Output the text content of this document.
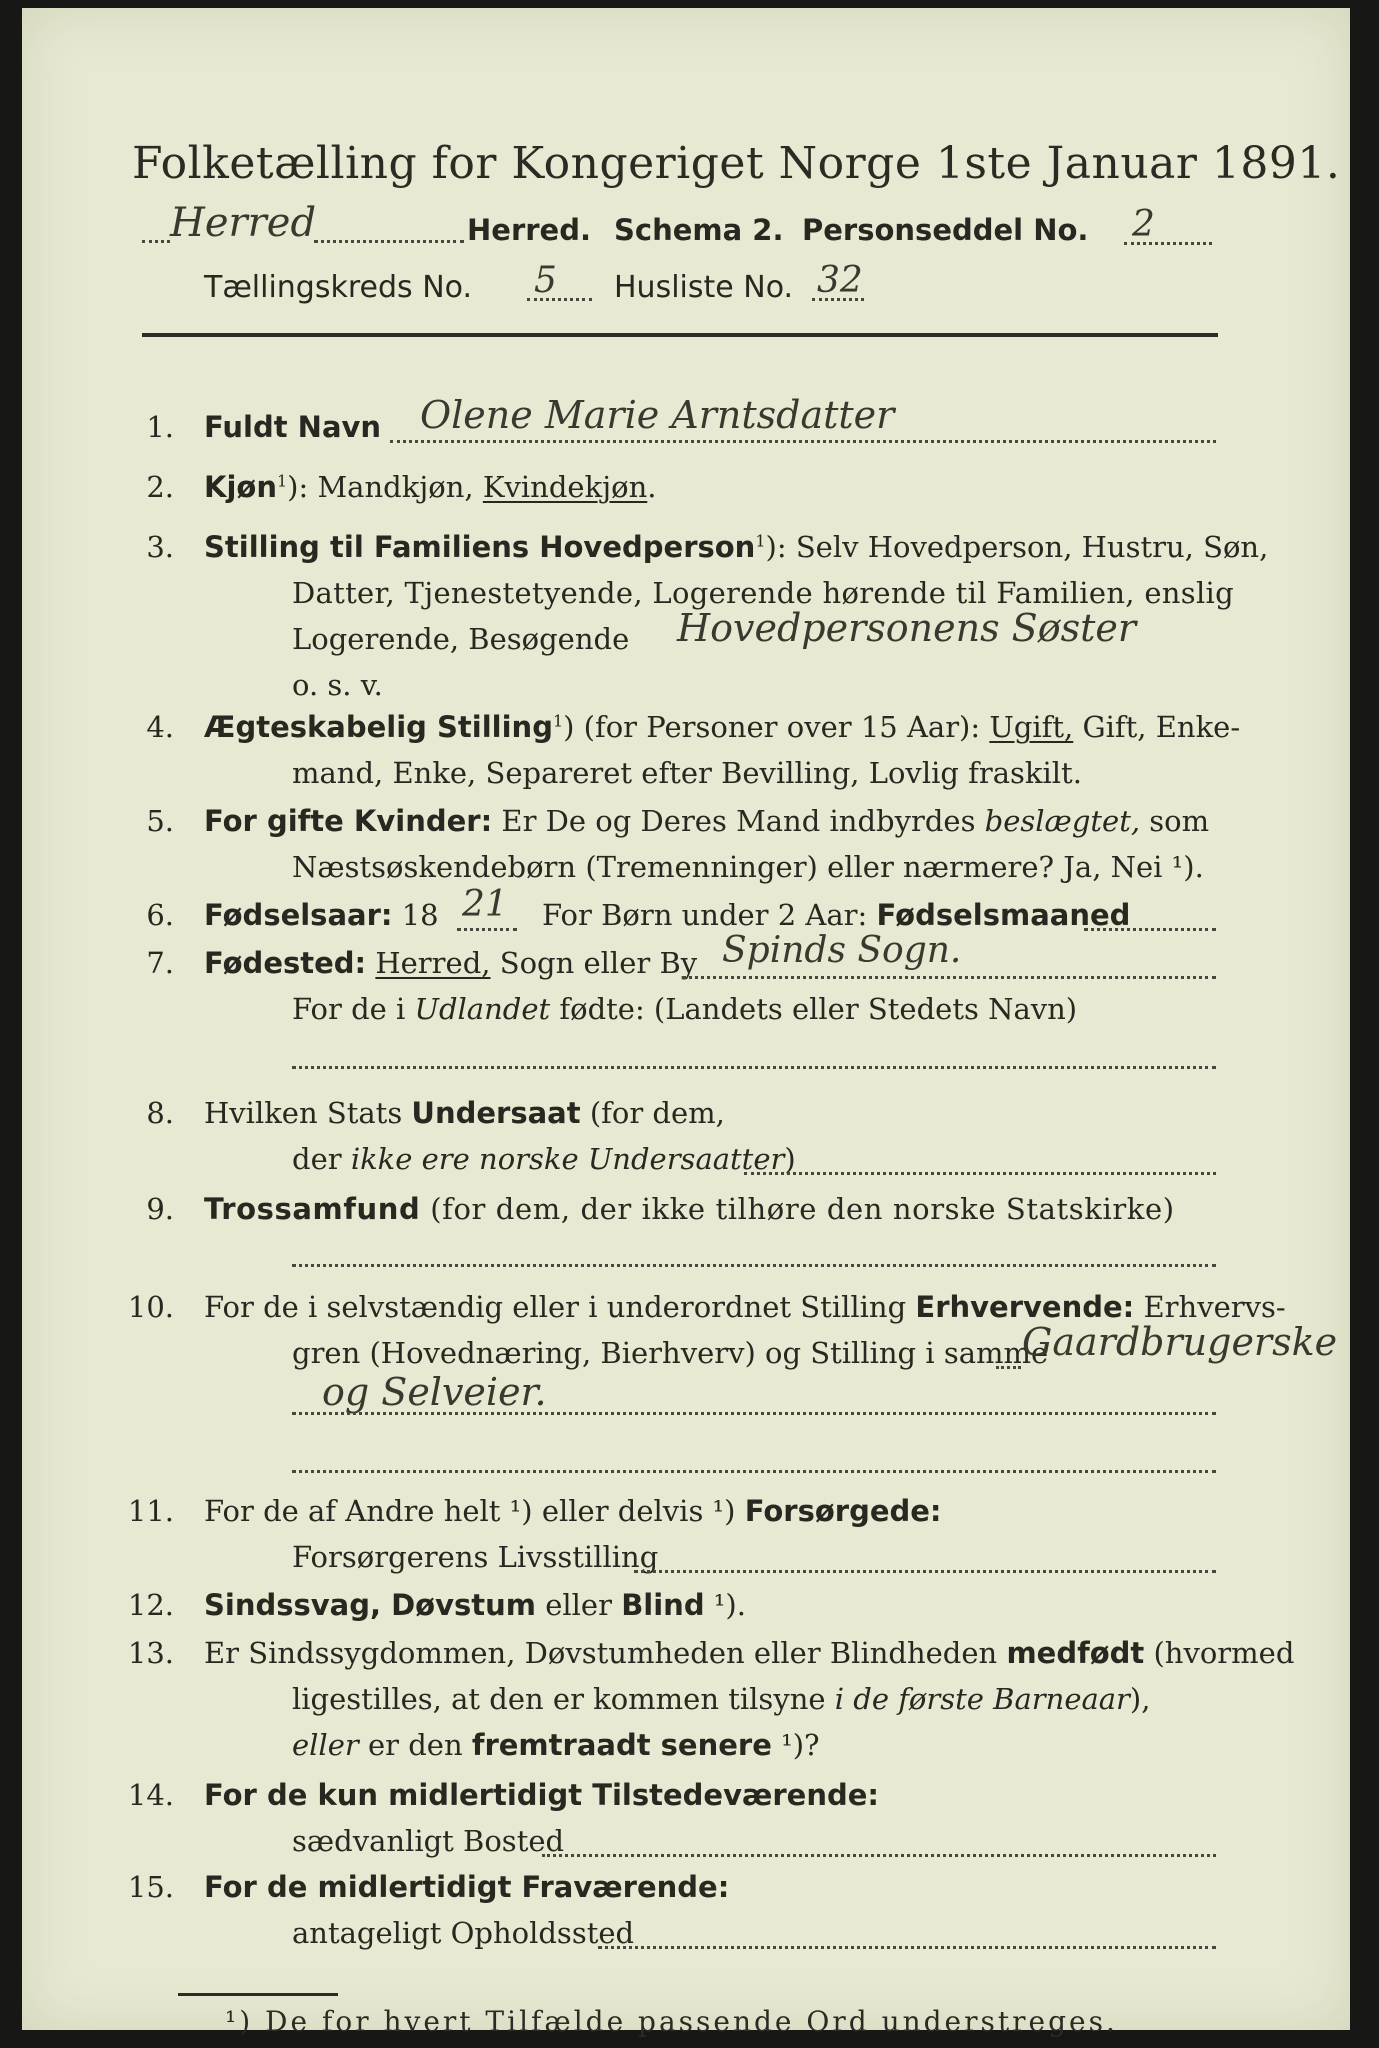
Folketælling for Kongeriget Norge 1ste Januar 1891.
Herred	Herred. Schema 2. Personseddel No. 2
Tællingskreds No. 5 Husliste No. 32
1. Fuldt Navn Olene Marie Arntsdatter
2. Kjøn$^1$): Mandkjøn, Kvindekjøn.
3. Stilling til Familiens Hovedperson$^1$): Selv Hovedperson, Hustru, Søn,
Datter, Tjenestetyende, Logerende hørende til Familien, enslig
Logerende, Besøgende Hovedpersonens Søster
o. s. v.
4. Ægteskabelig Stilling$^1$) (for Personer over 15 Aar): Ugift, Gift, Enke-
mand, Enke, Separeret efter Bevilling, Lovlig fraskilt.
5. For gifte Kvinder: Er De og Deres Mand indbyrdes beslægtet, som
Næstsøskendebørn (Tremenninger) eller nærmere? Ja, Nei ¹).
6. Fødselsaar: 18 21 For Børn under 2 Aar: Fødselsmaaned
7. Fødested: Herred, Sogn eller By Spinds Sogn.
For de i Udlandet fødte: (Landets eller Stedets Navn)
8. Hvilken Stats Undersaat (for dem,
der ikke ere norske Undersaatter)
9. Trossamfund (for dem, der ikke tilhøre den norske Statskirke)
10. For de i selvstændig eller i underordnet Stilling Erhvervende: Erhvervs-
gren (Hovednæring, Bierhverv) og Stilling i samme
Gaardbrugerske
og Selveier.
11. For de af Andre helt ¹) eller delvis ¹) Forsørgede:
Forsørgerens Livsstilling
12. Sindssvag, Døvstum eller Blind ¹).
13. Er Sindssygdommen, Døvstumheden eller Blindheden medfødt (hvormed
ligestilles, at den er kommen tilsyne i de første Barneaar),
eller er den fremtraadt senere ¹)?
14. For de kun midlertidigt Tilstedeværende:
sædvanligt Bosted
15. For de midlertidigt Fraværende:
antageligt Opholdssted
¹) De for hvert Tilfælde passende Ord understreges.
